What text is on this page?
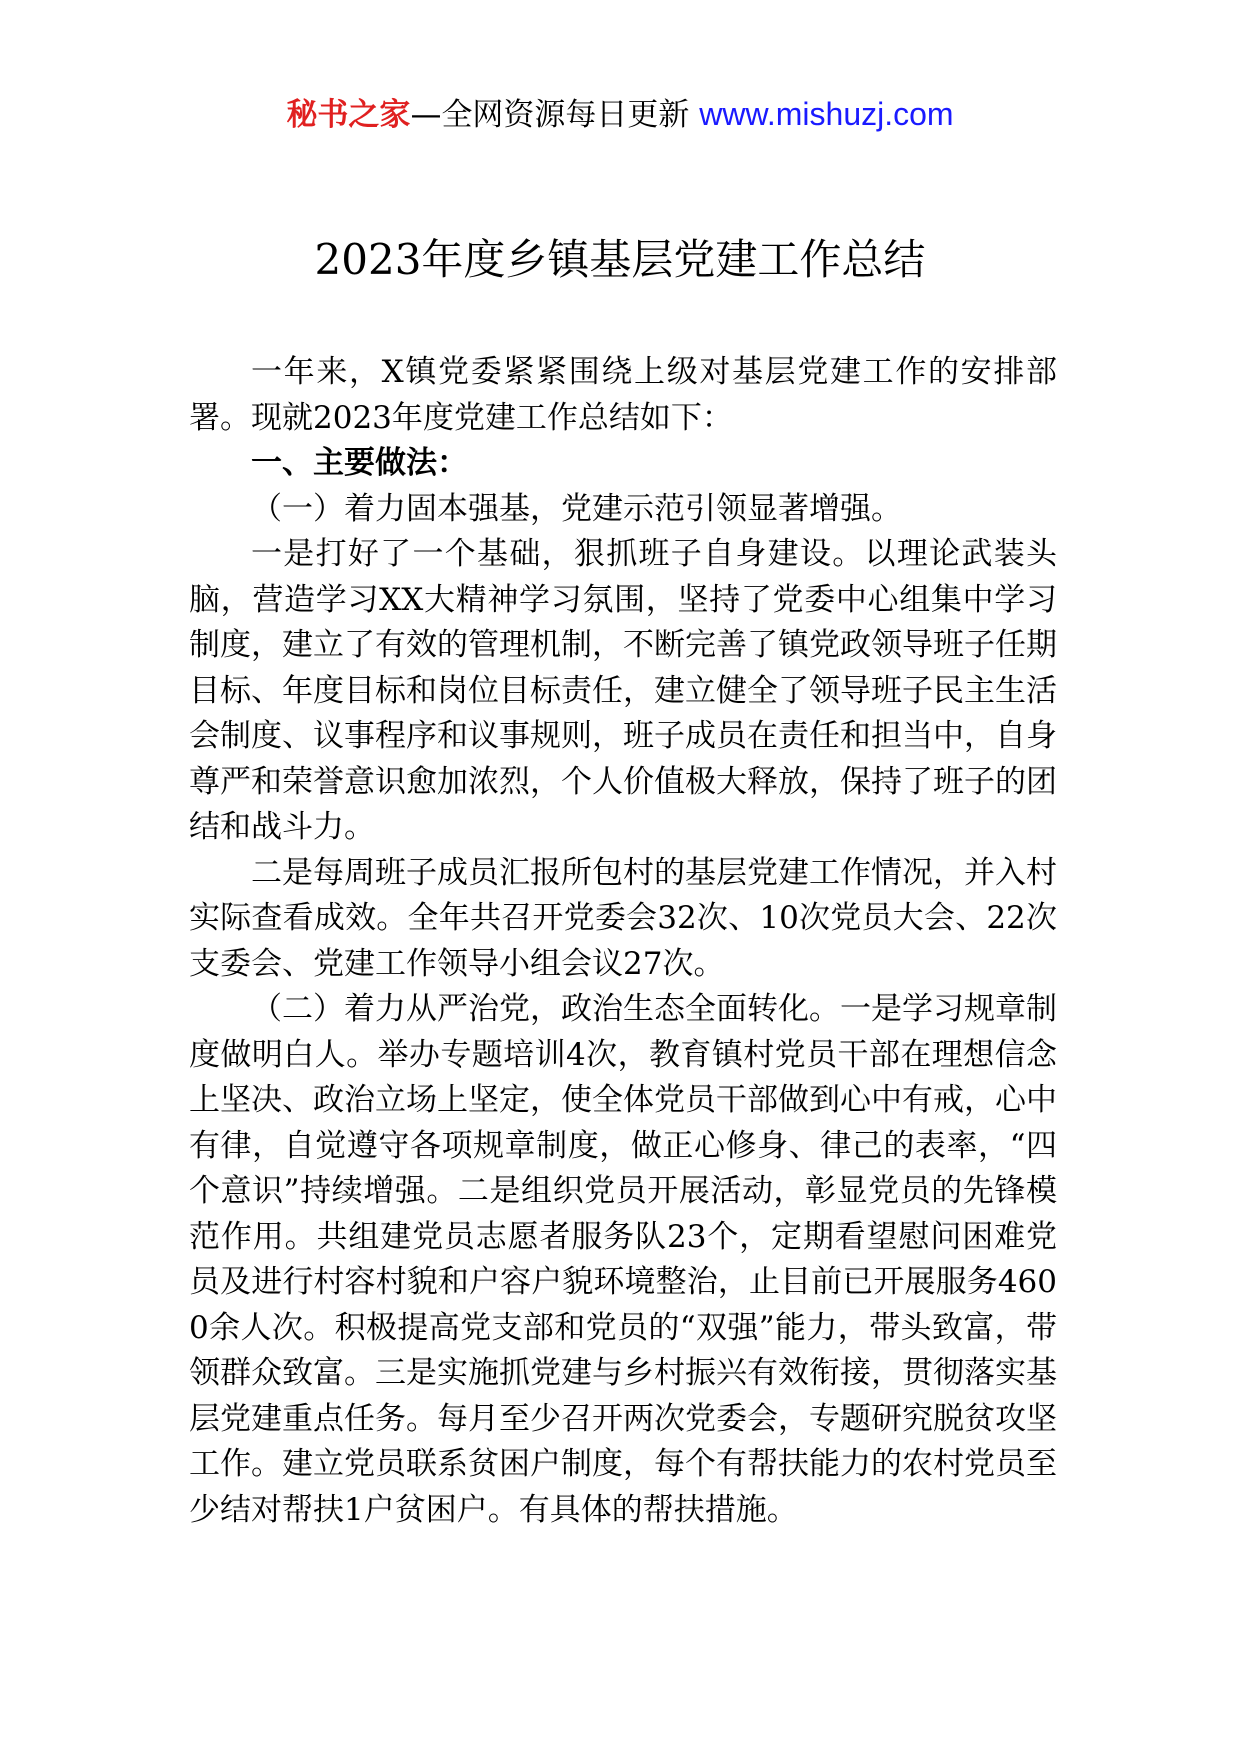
秘书之家—全网资源每日更新 www.mishuzj.com
2023年度乡镇基层党建工作总结

一年来，X镇党委紧紧围绕上级对基层党建工作的安排部署。现就2023年度党建工作总结如下：

一、主要做法：

（一）着力固本强基，党建示范引领显著增强。

一是打好了一个基础，狠抓班子自身建设。以理论武装头脑，营造学习XX大精神学习氛围，坚持了党委中心组集中学习制度，建立了有效的管理机制，不断完善了镇党政领导班子任期目标、年度目标和岗位目标责任，建立健全了领导班子民主生活会制度、议事程序和议事规则，班子成员在责任和担当中，自身尊严和荣誉意识愈加浓烈，个人价值极大释放，保持了班子的团结和战斗力。

二是每周班子成员汇报所包村的基层党建工作情况，并入村实际查看成效。全年共召开党委会32次、10次党员大会、22次支委会、党建工作领导小组会议27次。

（二）着力从严治党，政治生态全面转化。一是学习规章制度做明白人。举办专题培训4次，教育镇村党员干部在理想信念上坚决、政治立场上坚定，使全体党员干部做到心中有戒，心中有律，自觉遵守各项规章制度，做正心修身、律己的表率，“四个意识”持续增强。二是组织党员开展活动，彰显党员的先锋模范作用。共组建党员志愿者服务队23个，定期看望慰问困难党员及进行村容村貌和户容户貌环境整治，止目前已开展服务4600余人次。积极提高党支部和党员的“双强”能力，带头致富，带领群众致富。三是实施抓党建与乡村振兴有效衔接，贯彻落实基层党建重点任务。每月至少召开两次党委会，专题研究脱贫攻坚工作。建立党员联系贫困户制度，每个有帮扶能力的农村党员至少结对帮扶1户贫困户。有具体的帮扶措施。
